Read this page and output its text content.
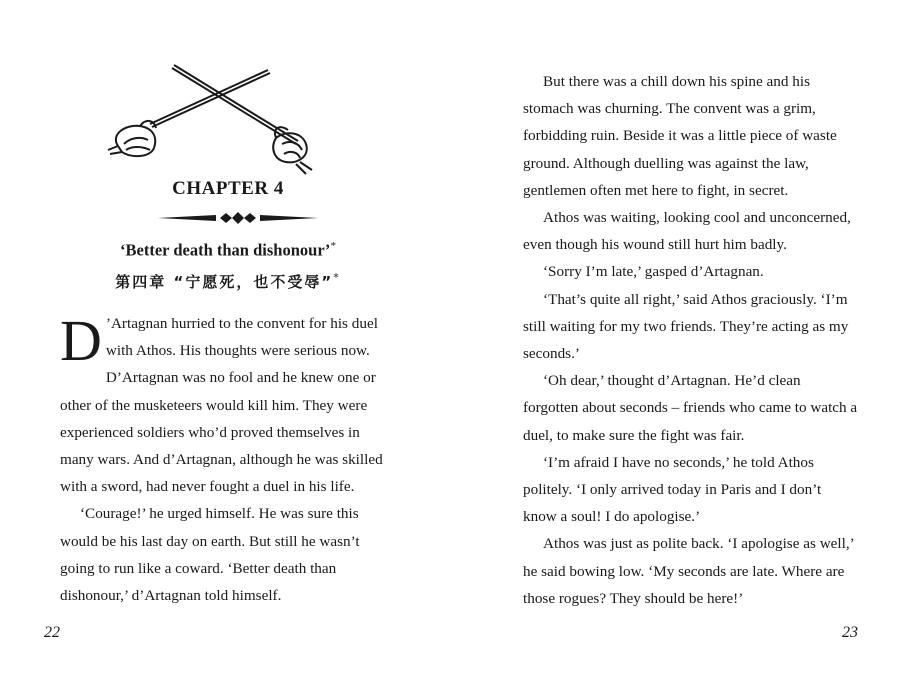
CHAPTER 4
‘Better death than dishonour’*
第四章 “宁愿死，也不受辱”*

D ’Artagnan hurried to the convent for his duel with Athos. His thoughts were serious now. D’Artagnan was no fool and he knew one or other of the musketeers would kill him. They were experienced soldiers who’d proved themselves in many wars. And d’Artagnan, although he was skilled with a sword, had never fought a duel in his life.

‘Courage!’ he urged himself. He was sure this would be his last day on earth. But still he wasn’t going to run like a coward. ‘Better death than dishonour,’ d’Artagnan told himself.

22

But there was a chill down his spine and his stomach was churning. The convent was a grim, forbidding ruin. Beside it was a little piece of waste ground. Although duelling was against the law, gentlemen often met here to fight, in secret.

Athos was waiting, looking cool and unconcerned, even though his wound still hurt him badly.

‘Sorry I’m late,’ gasped d’Artagnan.

‘That’s quite all right,’ said Athos graciously. ‘I’m still waiting for my two friends. They’re acting as my seconds.’

‘Oh dear,’ thought d’Artagnan. He’d clean forgotten about seconds – friends who came to watch a duel, to make sure the fight was fair.

‘I’m afraid I have no seconds,’ he told Athos politely. ‘I only arrived today in Paris and I don’t know a soul! I do apologise.’

Athos was just as polite back. ‘I apologise as well,’ he said bowing low. ‘My seconds are late. Where are those rogues? They should be here!’

23
